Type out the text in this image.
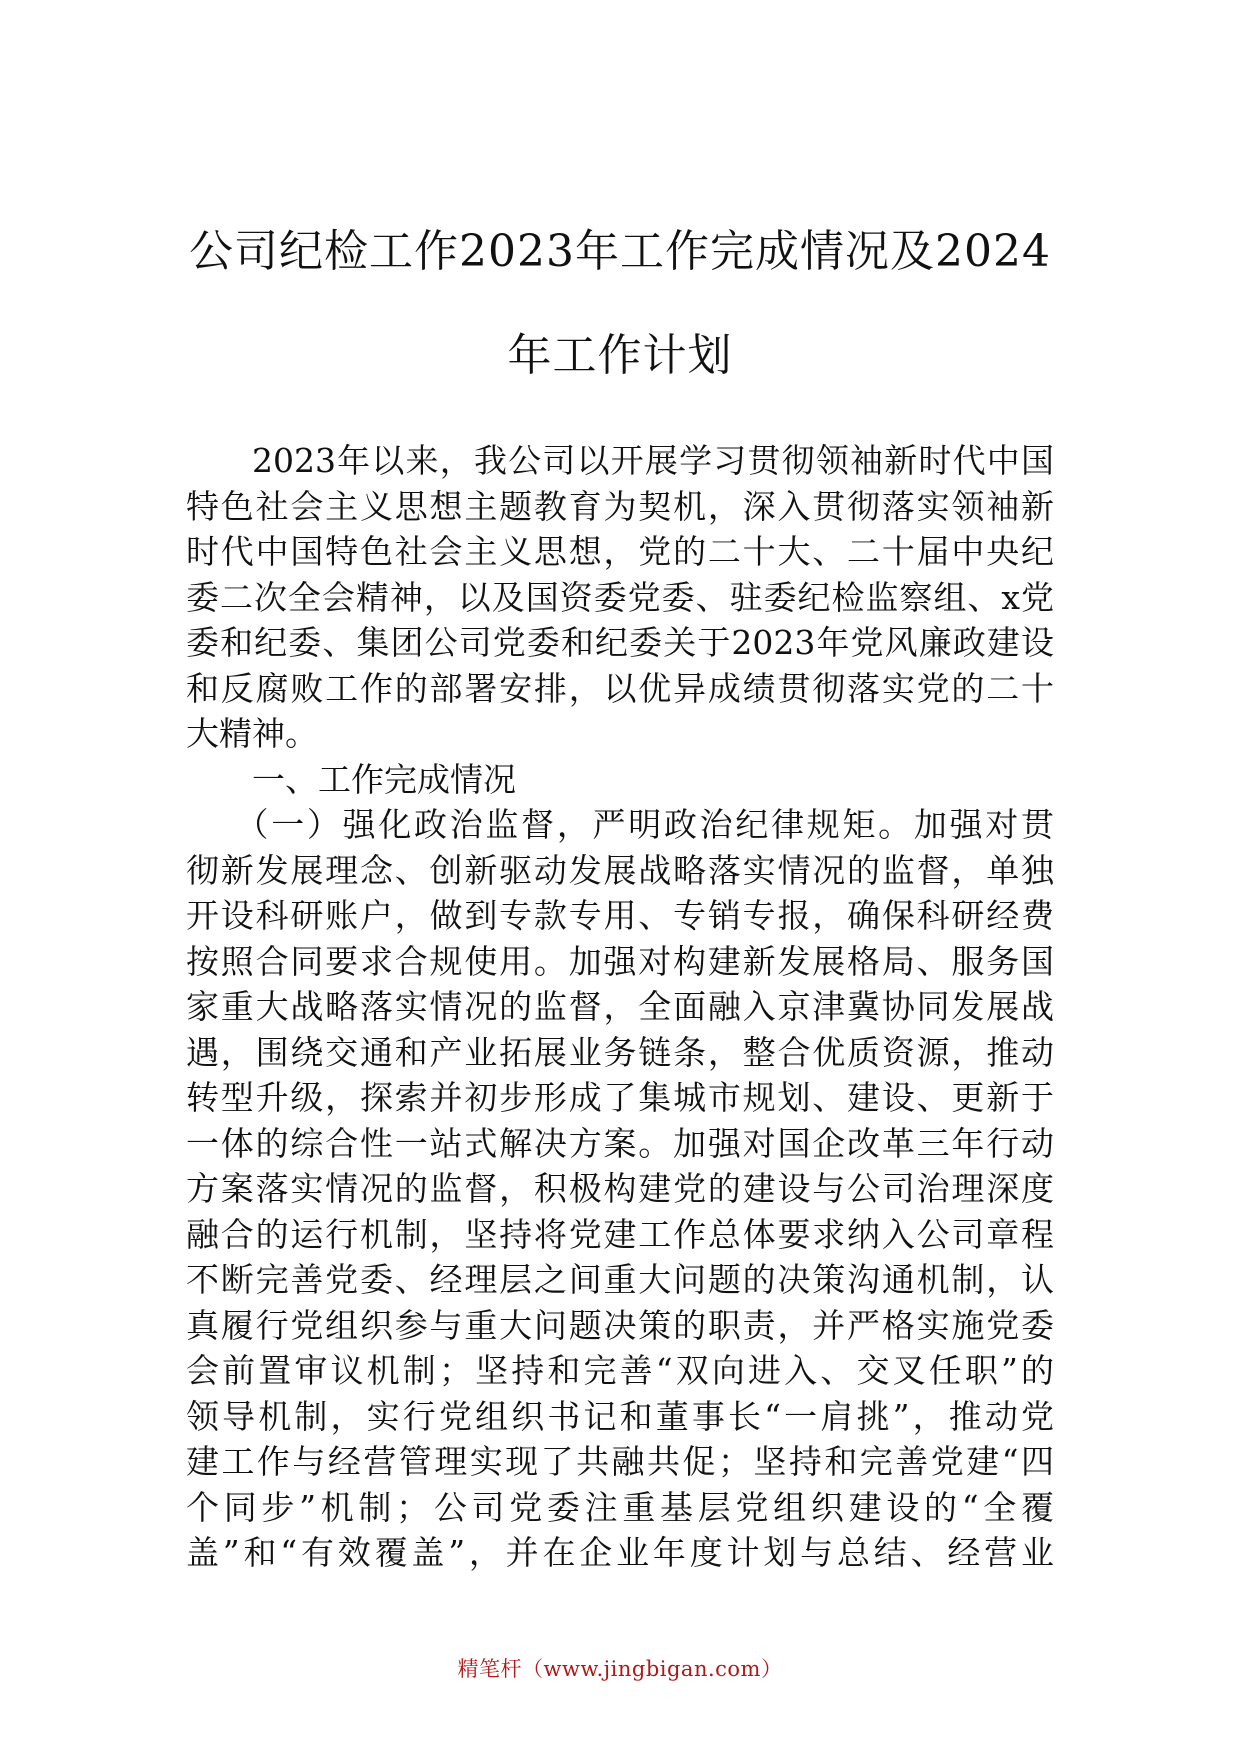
公司纪检工作2023年工作完成情况及2024
年工作计划
2023年以来，我公司以开展学习贯彻领袖新时代中国
特色社会主义思想主题教育为契机，深入贯彻落实领袖新
时代中国特色社会主义思想，党的二十大、二十届中央纪
委二次全会精神，以及国资委党委、驻委纪检监察组、x党
委和纪委、集团公司党委和纪委关于2023年党风廉政建设
和反腐败工作的部署安排，以优异成绩贯彻落实党的二十
大精神。
一、工作完成情况
（一）强化政治监督，严明政治纪律规矩。加强对贯
彻新发展理念、创新驱动发展战略落实情况的监督，单独
开设科研账户，做到专款专用、专销专报，确保科研经费
按照合同要求合规使用。加强对构建新发展格局、服务国
家重大战略落实情况的监督，全面融入京津冀协同发展战
遇，围绕交通和产业拓展业务链条，整合优质资源，推动
转型升级，探索并初步形成了集城市规划、建设、更新于
一体的综合性一站式解决方案。加强对国企改革三年行动
方案落实情况的监督，积极构建党的建设与公司治理深度
融合的运行机制，坚持将党建工作总体要求纳入公司章程
不断完善党委、经理层之间重大问题的决策沟通机制，认
真履行党组织参与重大问题决策的职责，并严格实施党委
会前置审议机制；坚持和完善“双向进入、交叉任职”的
领导机制，实行党组织书记和董事长“一肩挑”，推动党
建工作与经营管理实现了共融共促；坚持和完善党建“四
个同步”机制；公司党委注重基层党组织建设的“全覆
盖”和“有效覆盖”，并在企业年度计划与总结、经营业
精笔杆（www.jingbigan.com）
